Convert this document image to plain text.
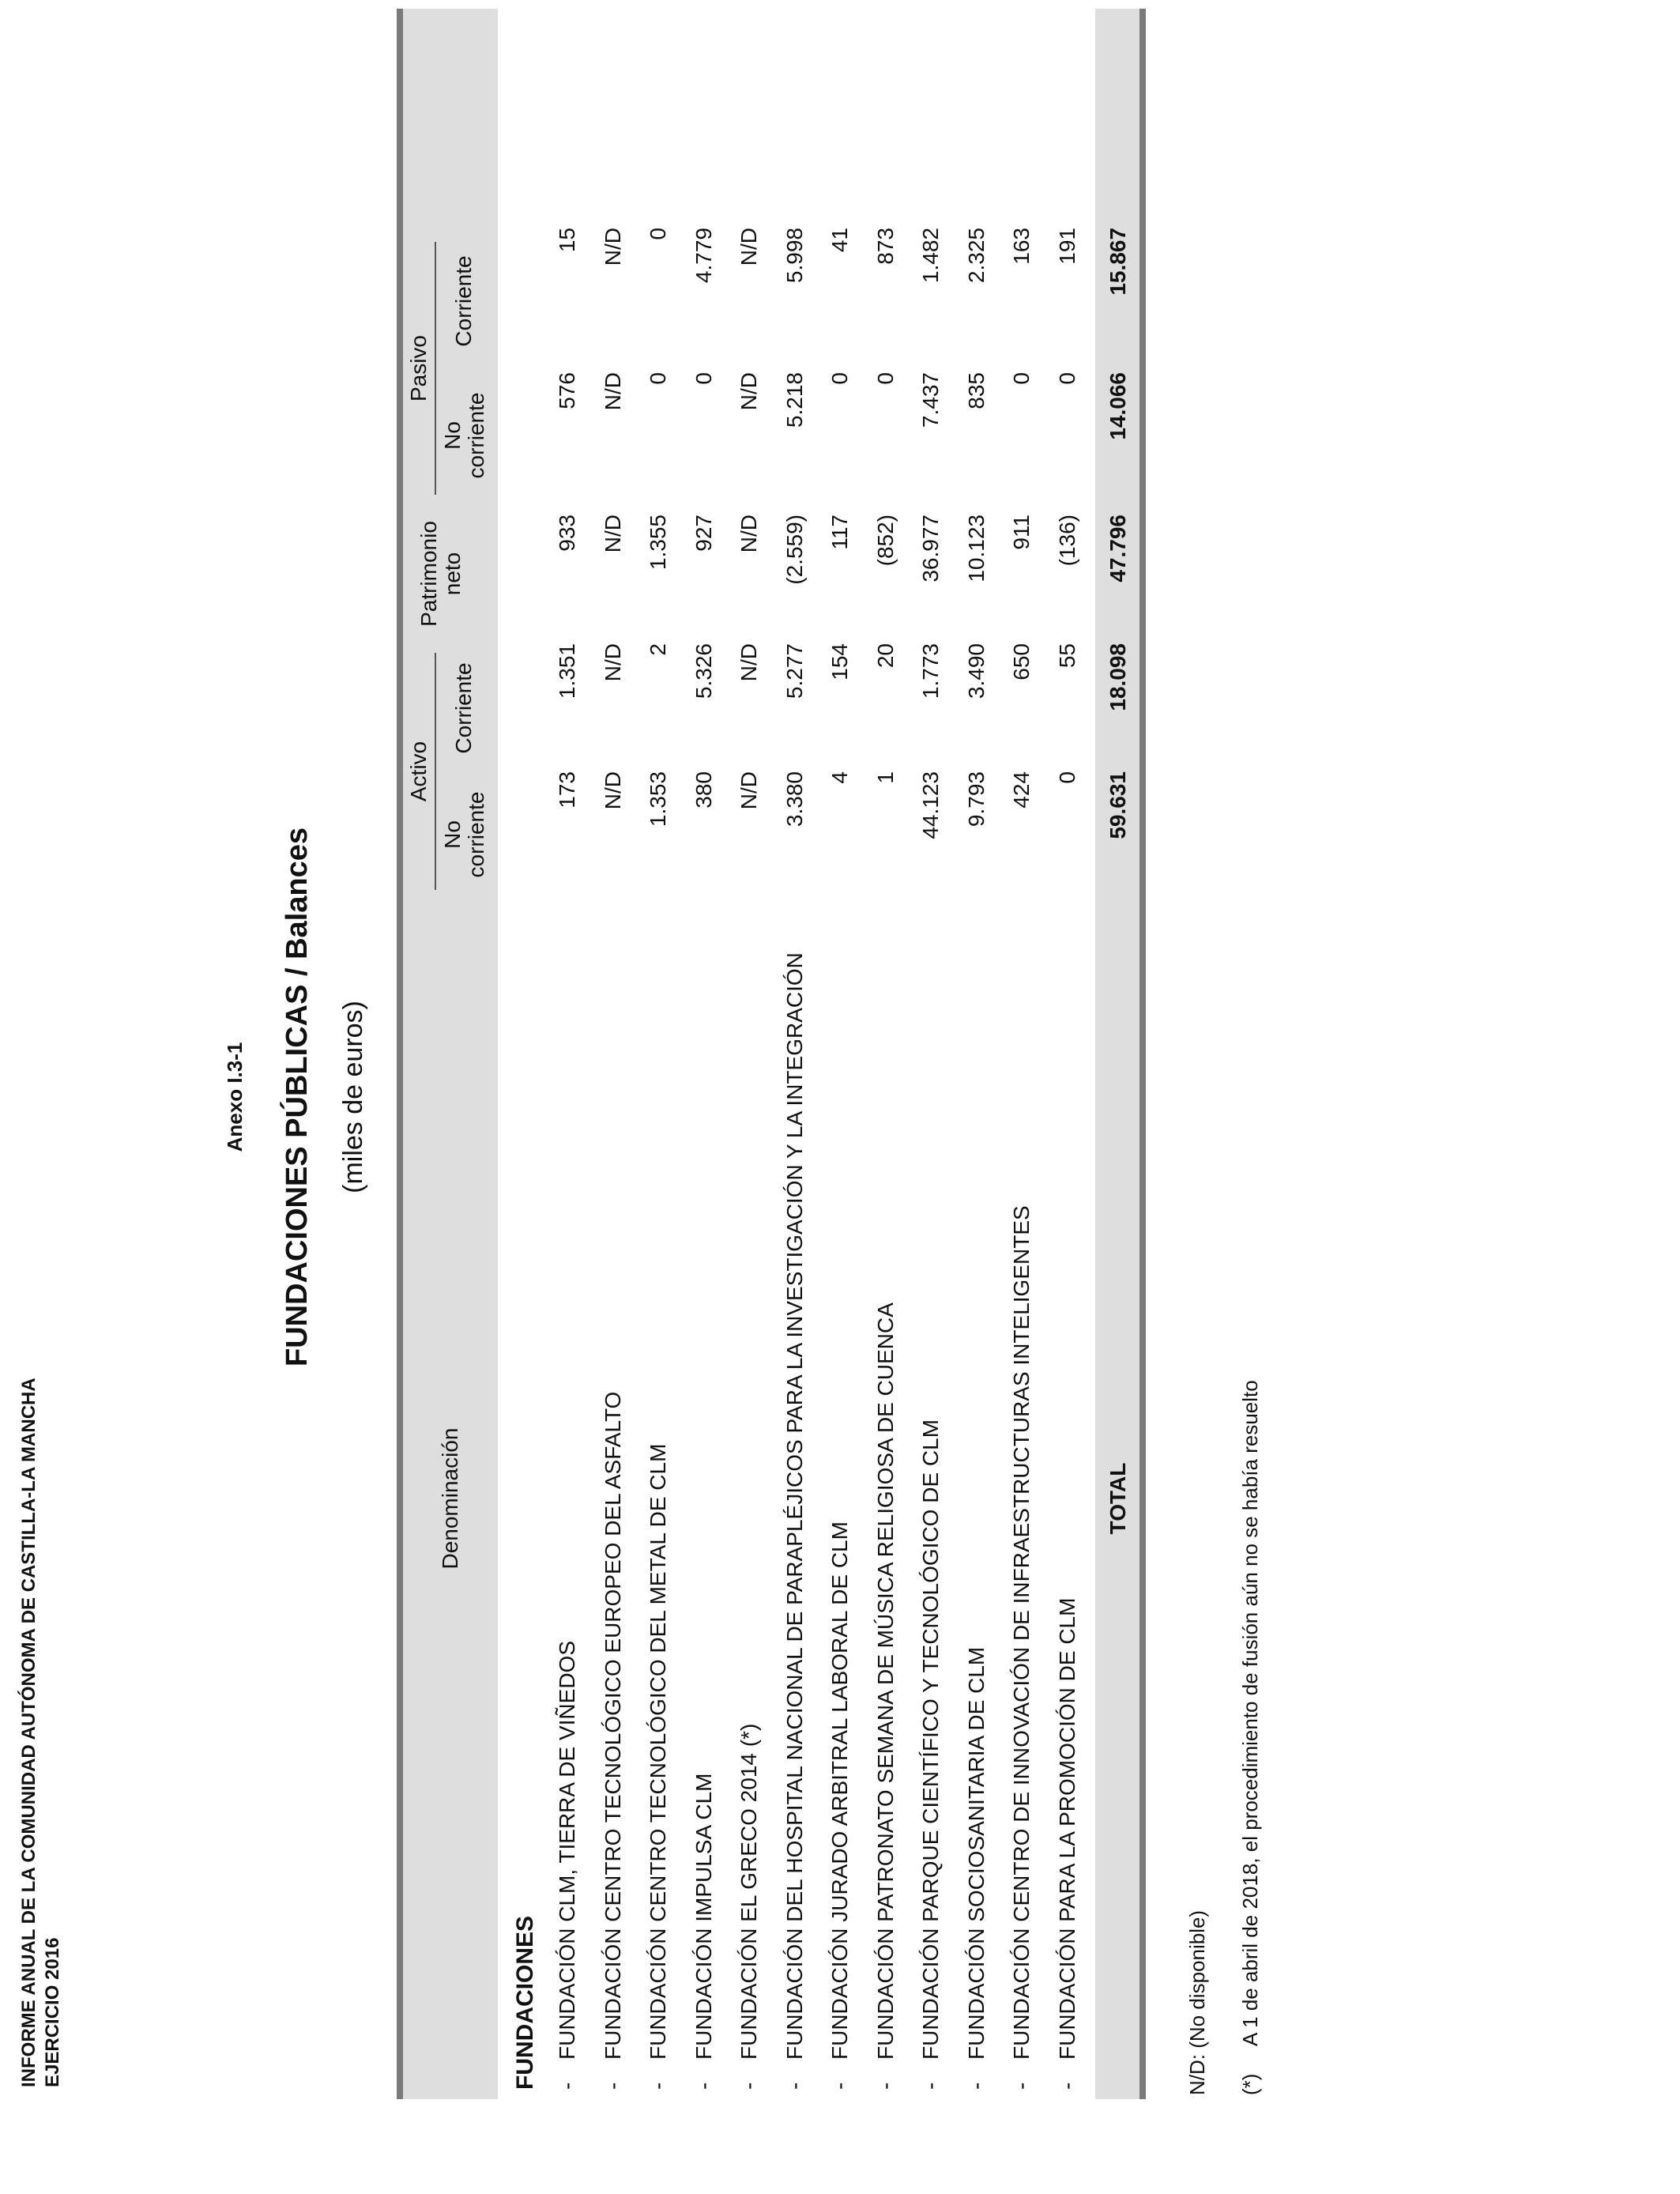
INFORME ANUAL DE LA COMUNIDAD AUTÓNOMA DE CASTILLA-LA MANCHA EJERCICIO 2016
Anexo I.3-1 FUNDACIONES PÚBLICAS / Balances (miles de euros)
Denominación
Activo
No corriente
Corriente
Patrimonio neto
Pasivo
No corriente
Corriente
FUNDACIONES -
FUNDACIÓN CLM, TIERRA DE VIÑEDOS
173
1.351
933
576
15
-
FUNDACIÓN CENTRO TECNOLÓGICO EUROPEO DEL ASFALTO
N/D
N/D
N/D
N/D
N/D
-
FUNDACIÓN CENTRO TECNOLÓGICO DEL METAL DE CLM
1.353
2
1.355
0
0
-
FUNDACIÓN IMPULSA CLM
380
5.326
927
0
4.779
-
FUNDACIÓN EL GRECO 2014 (*)
N/D
N/D
N/D
N/D
N/D
-
FUNDACIÓN DEL HOSPITAL NACIONAL DE PARAPLÉJICOS PARA LA INVESTIGACIÓN Y LA INTEGRACIÓN
3.380
5.277
(2.559)
5.218
5.998
-
FUNDACIÓN JURADO ARBITRAL LABORAL DE CLM
4
154
117
0
41
-
FUNDACIÓN PATRONATO SEMANA DE MÚSICA RELIGIOSA DE CUENCA
1
20
(852)
0
873
-
FUNDACIÓN PARQUE CIENTÍFICO Y TECNOLÓGICO DE CLM
44.123
1.773
36.977
7.437
1.482
-
FUNDACIÓN SOCIOSANITARIA DE CLM
9.793
3.490
10.123
835
2.325
-
FUNDACIÓN CENTRO DE INNOVACIÓN DE INFRAESTRUCTURAS INTELIGENTES
424
650
911
0
163
-
FUNDACIÓN PARA LA PROMOCIÓN DE CLM
0
55
(136)
0
191
TOTAL
59.631
18.098
47.796
14.066
15.867
N/D: (No disponible) (*)
A 1 de abril de 2018, el procedimiento de fusión aún no se había resuelto
